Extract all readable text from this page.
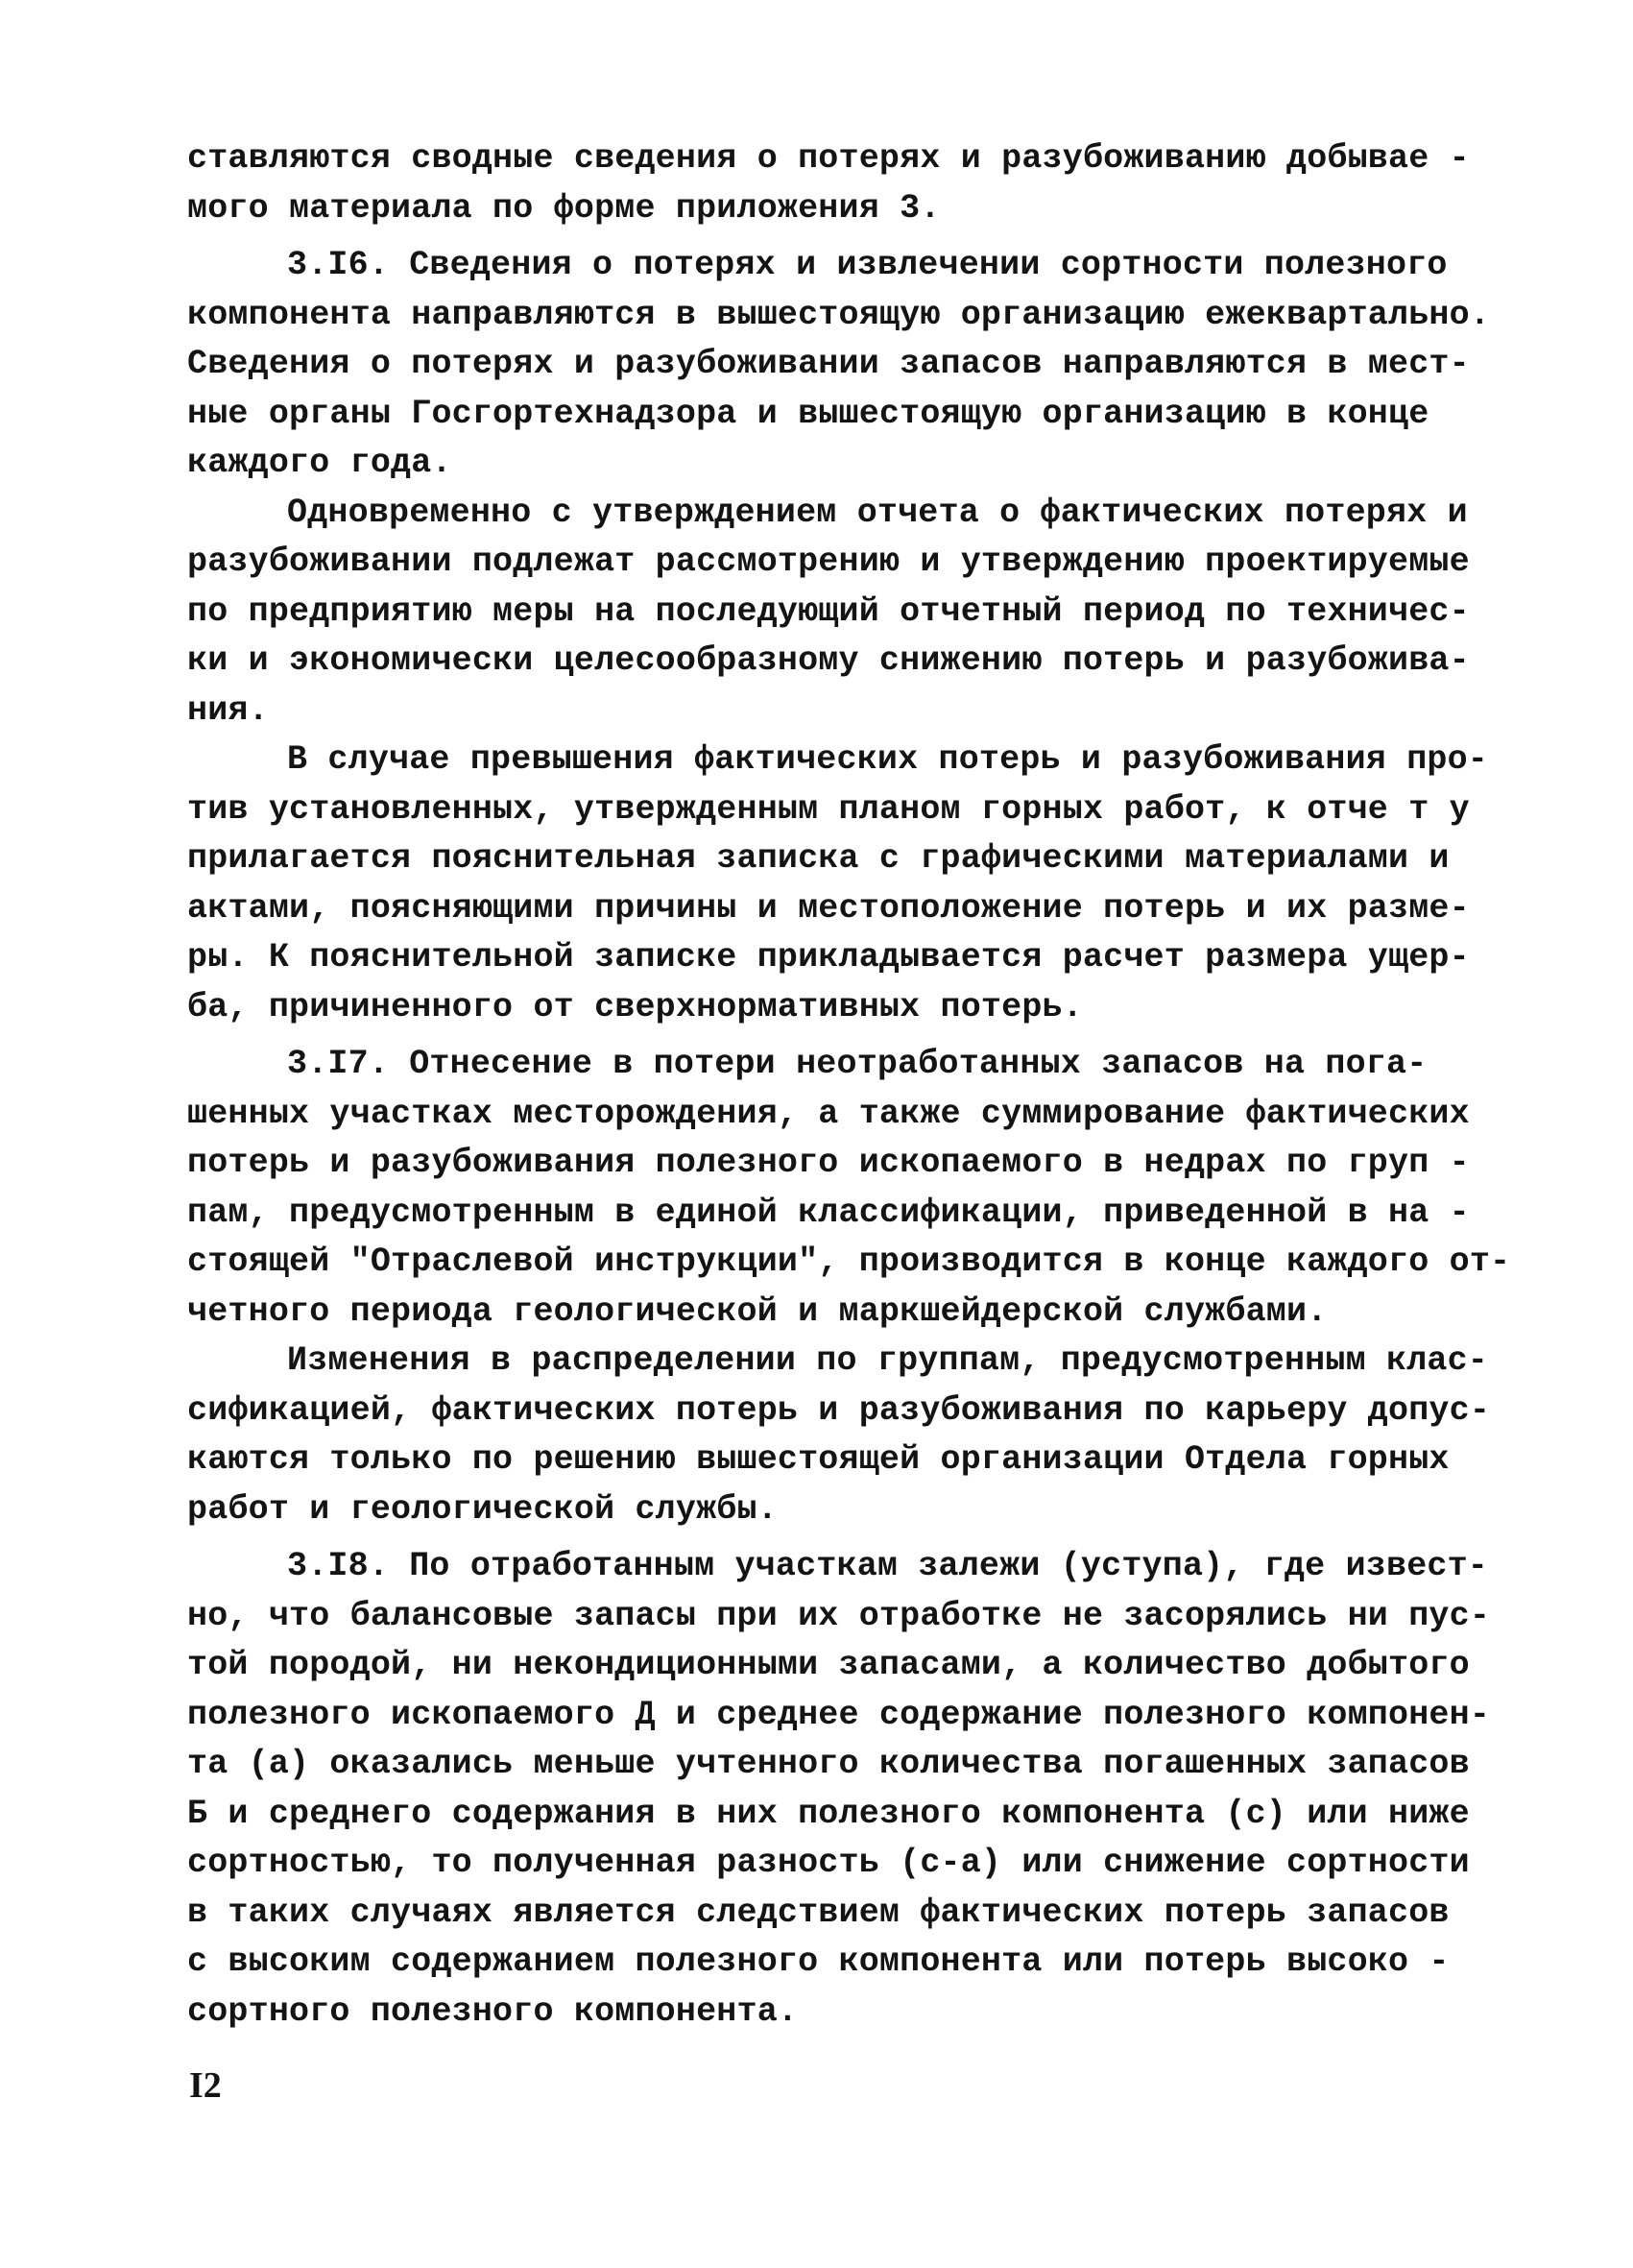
ставляются сводные сведения о потерях и разубоживанию добывае -
мого материала по форме приложения 3.
3.I6. Сведения о потерях и извлечении сортности полезного
компонента направляются в вышестоящую организацию ежеквартально.
Сведения о потерях и разубоживании запасов направляются в мест-
ные органы Госгортехнадзора и вышестоящую организацию в конце
каждого года.
Одновременно с утверждением отчета о фактических потерях и
разубоживании подлежат рассмотрению и утверждению проектируемые
по предприятию меры на последующий отчетный период по техничес-
ки и экономически целесообразному снижению потерь и разубожива-
ния.
В случае превышения фактических потерь и разубоживания про-
тив установленных, утвержденным планом горных работ, к отче т у
прилагается пояснительная записка с графическими материалами и
актами, поясняющими причины и местоположение потерь и их разме-
ры. К пояснительной записке прикладывается расчет размера ущер-
ба, причиненного от сверхнормативных потерь.
3.I7. Отнесение в потери неотработанных запасов на пога-
шенных участках месторождения, а также суммирование фактических
потерь и разубоживания полезного ископаемого в недрах по груп -
пам, предусмотренным в единой классификации, приведенной в на -
стоящей "Отраслевой инструкции", производится в конце каждого от-
четного периода геологической и маркшейдерской службами.
Изменения в распределении по группам, предусмотренным клас-
сификацией, фактических потерь и разубоживания по карьеру допус-
каются только по решению вышестоящей организации Отдела горных
работ и геологической службы.
3.I8. По отработанным участкам залежи (уступа), где извест-
но, что балансовые запасы при их отработке не засорялись ни пус-
той породой, ни некондиционными запасами, а количество добытого
полезного ископаемого Д и среднее содержание полезного компонен-
та (а) оказались меньше учтенного количества погашенных запасов
Б и среднего содержания в них полезного компонента (с) или ниже
сортностью, то полученная разность (с-а) или снижение сортности
в таких случаях является следствием фактических потерь запасов
с высоким содержанием полезного компонента или потерь высоко -
сортного полезного компонента.
I2
